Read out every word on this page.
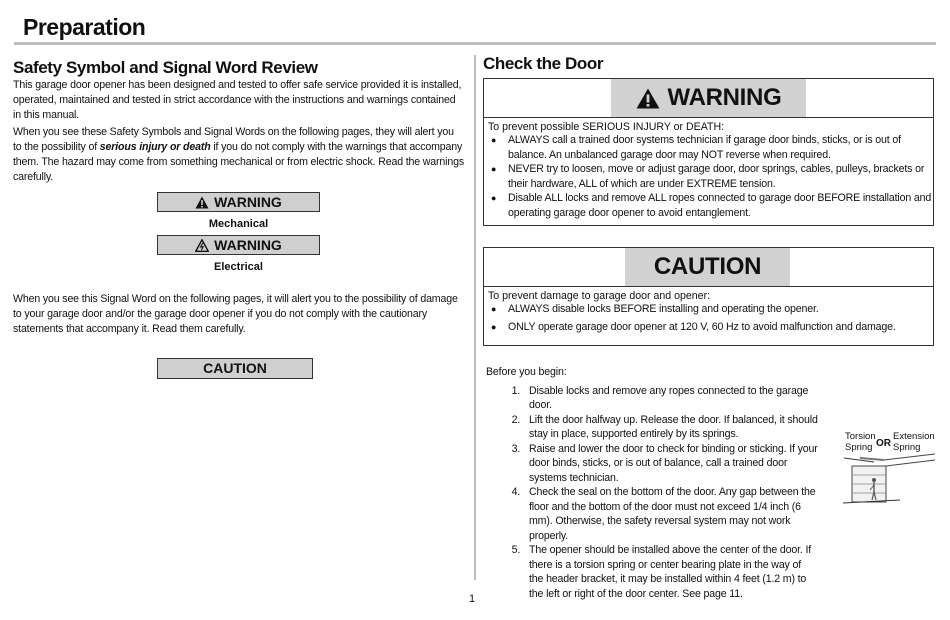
Preparation
Safety Symbol and Signal Word Review

This garage door opener has been designed and tested to offer safe service provided it is installed, operated, maintained and tested in strict accordance with the instructions and warnings contained in this manual.

When you see these Safety Symbols and Signal Words on the following pages, they will alert you to the possibility of serious injury or death if you do not comply with the warnings that accompany them. The hazard may come from something mechanical or from electric shock. Read the warnings carefully.

WARNING
Mechanical
WARNING
Electrical
When you see this Signal Word on the following pages, it will alert you to the possibility of damage to your garage door and/or the garage door opener if you do not comply with the cautionary statements that accompany it. Read them carefully.
CAUTION
Check the Door
WARNING
To prevent possible SERIOUS INJURY or DEATH:
● ALWAYS call a trained door systems technician if garage door binds, sticks, or is out of balance. An unbalanced garage door may NOT reverse when required.
● NEVER try to loosen, move or adjust garage door, door springs, cables, pulleys, brackets or their hardware, ALL of which are under EXTREME tension.
● Disable ALL locks and remove ALL ropes connected to garage door BEFORE installation and operating garage door opener to avoid entanglement.
CAUTION
To prevent damage to garage door and opener:
● ALWAYS disable locks BEFORE installing and operating the opener.
● ONLY operate garage door opener at 120 V, 60 Hz to avoid malfunction and damage.
Before you begin:
1. Disable locks and remove any ropes connected to the garage door.
2. Lift the door halfway up. Release the door. If balanced, it should stay in place, supported entirely by its springs.
3. Raise and lower the door to check for binding or sticking. If your door binds, sticks, or is out of balance, call a trained door systems technician.
4. Check the seal on the bottom of the door. Any gap between the floor and the bottom of the door must not exceed 1/4 inch (6 mm). Otherwise, the safety reversal system may not work properly.
5. The opener should be installed above the center of the door. If there is a torsion spring or center bearing plate in the way of the header bracket, it may be installed within 4 feet (1.2 m) to the left or right of the door center. See page 11.
Torsion
Spring OR
Extension
Spring
1
